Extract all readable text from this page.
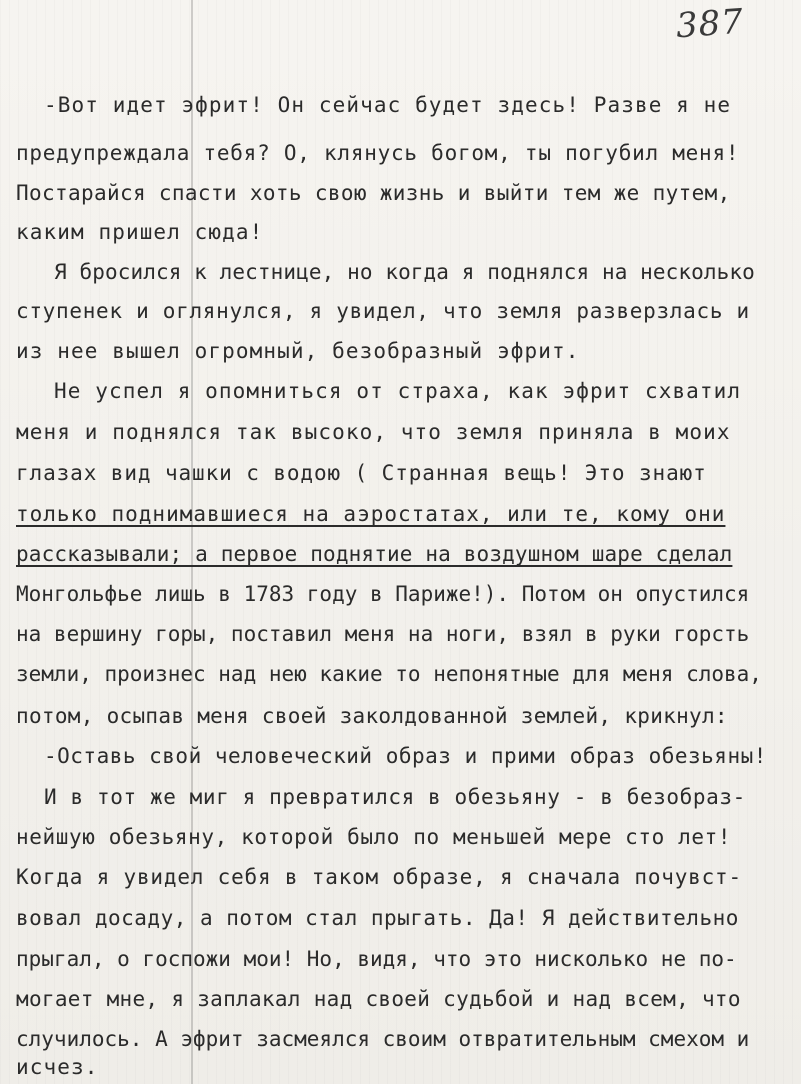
387
-Вот идет эфрит! Он сейчас будет здесь! Разве я не
предупреждала тебя? О, клянусь богом, ты погубил меня!
Постарайся спасти хоть свою жизнь и выйти тем же путем,
каким пришел сюда!
Я бросился к лестнице, но когда я поднялся на несколько
ступенек и оглянулся, я увидел, что земля разверзлась и
из нее вышел огромный, безобразный эфрит.
Не успел я опомниться от страха, как эфрит схватил
меня и поднялся так высоко, что земля приняла в моих
глазах вид чашки с водою ( Странная вещь! Это знают
только поднимавшиеся на аэростатах, или те, кому они
рассказывали; а первое поднятие на воздушном шаре сделал
Монгольфье лишь в 1783 году в Париже!). Потом он опустился
на вершину горы, поставил меня на ноги, взял в руки горсть
земли, произнес над нею какие то непонятные для меня слова,
потом, осыпав меня своей заколдованной землей, крикнул:
-Оставь свой человеческий образ и прими образ обезьяны!
И в тот же миг я превратился в обезьяну - в безобраз-
нейшую обезьяну, которой было по меньшей мере сто лет!
Когда я увидел себя в таком образе, я сначала почувст-
вовал досаду, а потом стал прыгать. Да! Я действительно
прыгал, о госпожи мои! Но, видя, что это нисколько не по-
могает мне, я заплакал над своей судьбой и над всем, что
случилось. А эфрит засмеялся своим отвратительным смехом и
исчез.
